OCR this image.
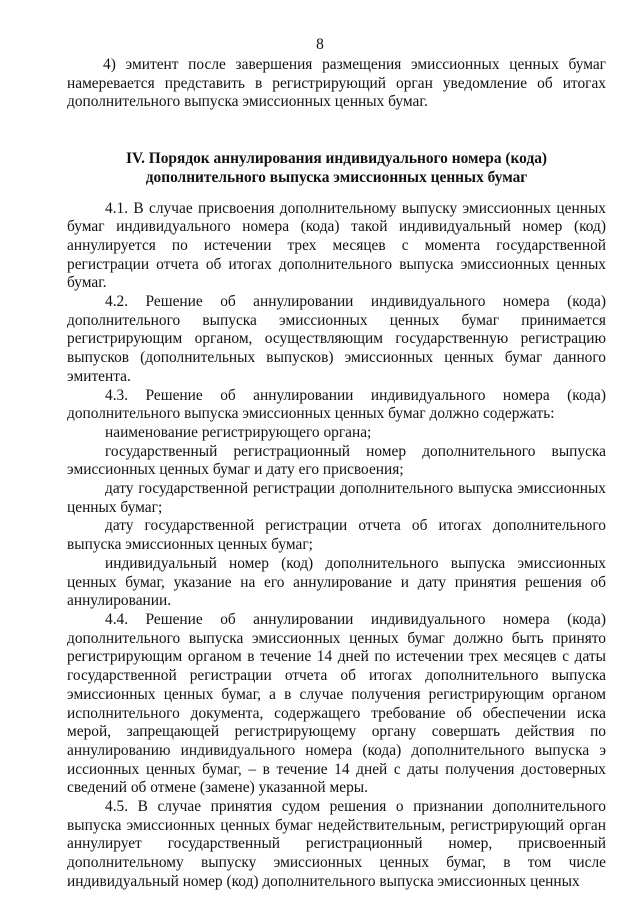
8

4) эмитент после завершения размещения эмиссионных ценных бумаг намеревается представить в регистрирующий орган уведомление об итогах дополнительного выпуска эмиссионных ценных бумаг.

IV. Порядок аннулирования индивидуального номера (кода)
дополнительного выпуска эмиссионных ценных бумаг

4.1. В случае присвоения дополнительному выпуску эмиссионных ценных бумаг индивидуального номера (кода) такой индивидуальный номер (код) аннулируется по истечении трех месяцев с момента государственной регистрации отчета об итогах дополнительного выпуска эмиссионных ценных бумаг.

4.2. Решение об аннулировании индивидуального номера (кода) дополнительного выпуска эмиссионных ценных бумаг принимается регистрирующим органом, осуществляющим государственную регистрацию выпусков (дополнительных выпусков) эмиссионных ценных бумаг данного эмитента.

4.3. Решение об аннулировании индивидуального номера (кода) дополнительного выпуска эмиссионных ценных бумаг должно содержать:

наименование регистрирующего органа;

государственный регистрационный номер дополнительного выпуска эмиссионных ценных бумаг и дату его присвоения;

дату государственной регистрации дополнительного выпуска эмиссионных ценных бумаг;

дату государственной регистрации отчета об итогах дополнительного выпуска эмиссионных ценных бумаг;

индивидуальный номер (код) дополнительного выпуска эмиссионных ценных бумаг, указание на его аннулирование и дату принятия решения об аннулировании.

4.4. Решение об аннулировании индивидуального номера (кода) дополнительного выпуска эмиссионных ценных бумаг должно быть принято регистрирующим органом в течение 14 дней по истечении трех месяцев с даты государственной регистрации отчета об итогах дополнительного выпуска эмиссионных ценных бумаг, а в случае получения регистрирующим органом исполнительного документа, содержащего требование об обеспечении иска мерой, запрещающей регистрирующему органу совершать действия по аннулированию индивидуального номера (кода) дополнительного выпуска э иссионных ценных бумаг, – в течение 14 дней с даты получения достоверных сведений об отмене (замене) указанной меры.

4.5. В случае принятия судом решения о признании дополнительного выпуска эмиссионных ценных бумаг недействительным, регистрирующий орган аннулирует государственный регистрационный номер, присвоенный дополнительному выпуску эмиссионных ценных бумаг, в том числе индивидуальный номер (код) дополнительного выпуска эмиссионных ценных
